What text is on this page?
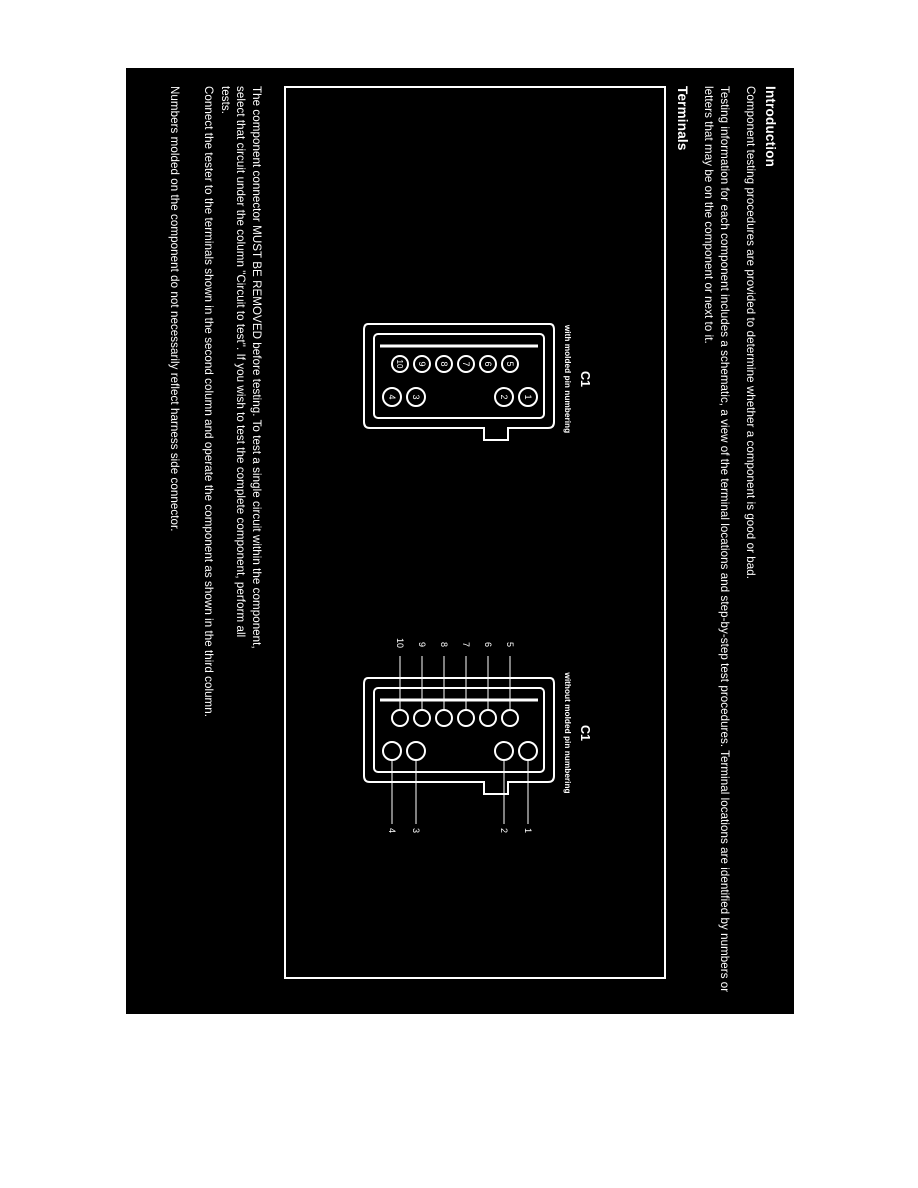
Introduction
Component testing procedures are provided to determine whether a component is good or bad.
Testing information for each component includes a schematic, a view of the terminal locations and step-by-step test procedures. Terminal locations are identified by numbers or letters that may be on the component or next to it.
Terminals
C1
with molded pin numbering
1
2
3
4
5
6
7
8
9
10
C1
without molded pin numbering
1
2
3
4
5
6
7
8
9
10
The component connector MUST BE REMOVED before testing. To test a single circuit within the component, select that circuit under the column "Circuit to test". If you wish to test the complete component, perform all tests.
Connect the tester to the terminals shown in the second column and operate the component as shown in the third column.
Numbers molded on the component do not necessarily reflect harness side connector.
